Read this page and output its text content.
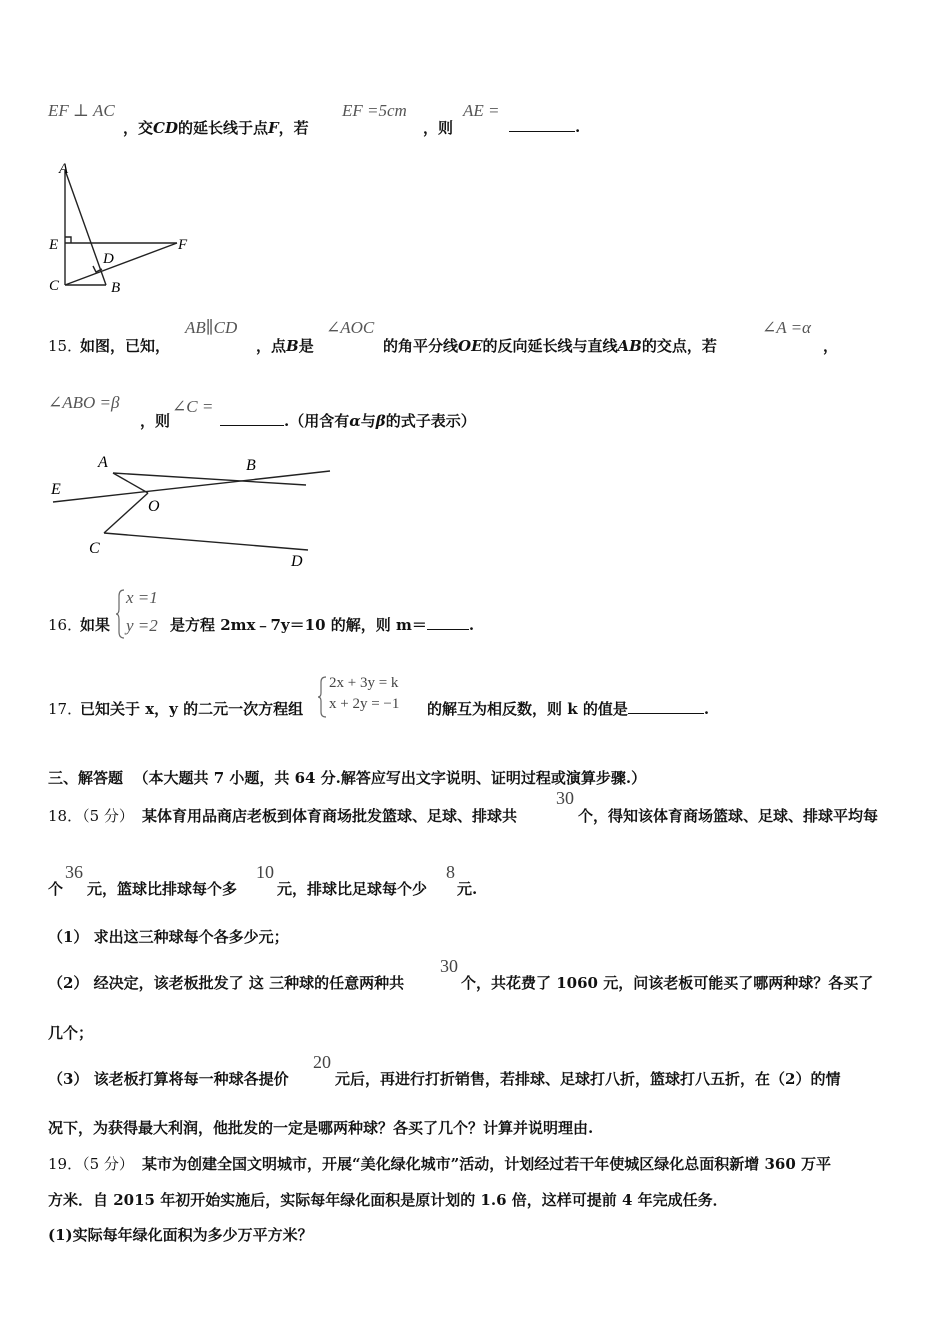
EF ⊥ AC
，交CD的延长线于点F，若
EF =5cm
，则
AE =
.
A
E
D
F
C	B
15．
如图，已知，
AB∥CD
，点B是
∠AOC
的角平分线OE的反向延长线与直线AB的交点，若
∠A =α
，
∠ABO =β
，则
∠C =
.（用含有α与β的式子表示）
A	B
E
O
C
D
16．
如果
x =1
y =2 是方程 2mx﹣7y＝10 的解，则 m＝	.
17．
已知关于 x，y 的二元一次方程组
2x + 3y = k
x + 2y = −1 的解互为相反数，则 k 的值是	.
三、解答题 （本大题共 7 小题，共 64 分.解答应写出文字说明、证明过程或演算步骤.）
18．（5 分） 某体育用品商店老板到体育商场批发篮球、足球、排球共
30
个，得知该体育商场篮球、足球、排球平均每
个
36
元，篮球比排球每个多
10
元，排球比足球每个少
8
元.
（1） 求出这三种球每个各多少元；
（2） 经决定，该老板批发了 这 三种球的任意两种共
30
个，共花费了 1060 元，问该老板可能买了哪两种球？各买了
几个；
（3） 该老板打算将每一种球各提价
20
元后，再进行打折销售，若排球、足球打八折，篮球打八五折，在（2）的情
况下，为获得最大利润，他批发的一定是哪两种球？各买了几个？计算并说明理由.
19．（5 分） 某市为创建全国文明城市，开展“美化绿化城市”活动，计划经过若干年使城区绿化总面积新增 360 万平
方米．自 2015 年初开始实施后，实际每年绿化面积是原计划的 1.6 倍，这样可提前 4 年完成任务．
(1)实际每年绿化面积为多少万平方米？
